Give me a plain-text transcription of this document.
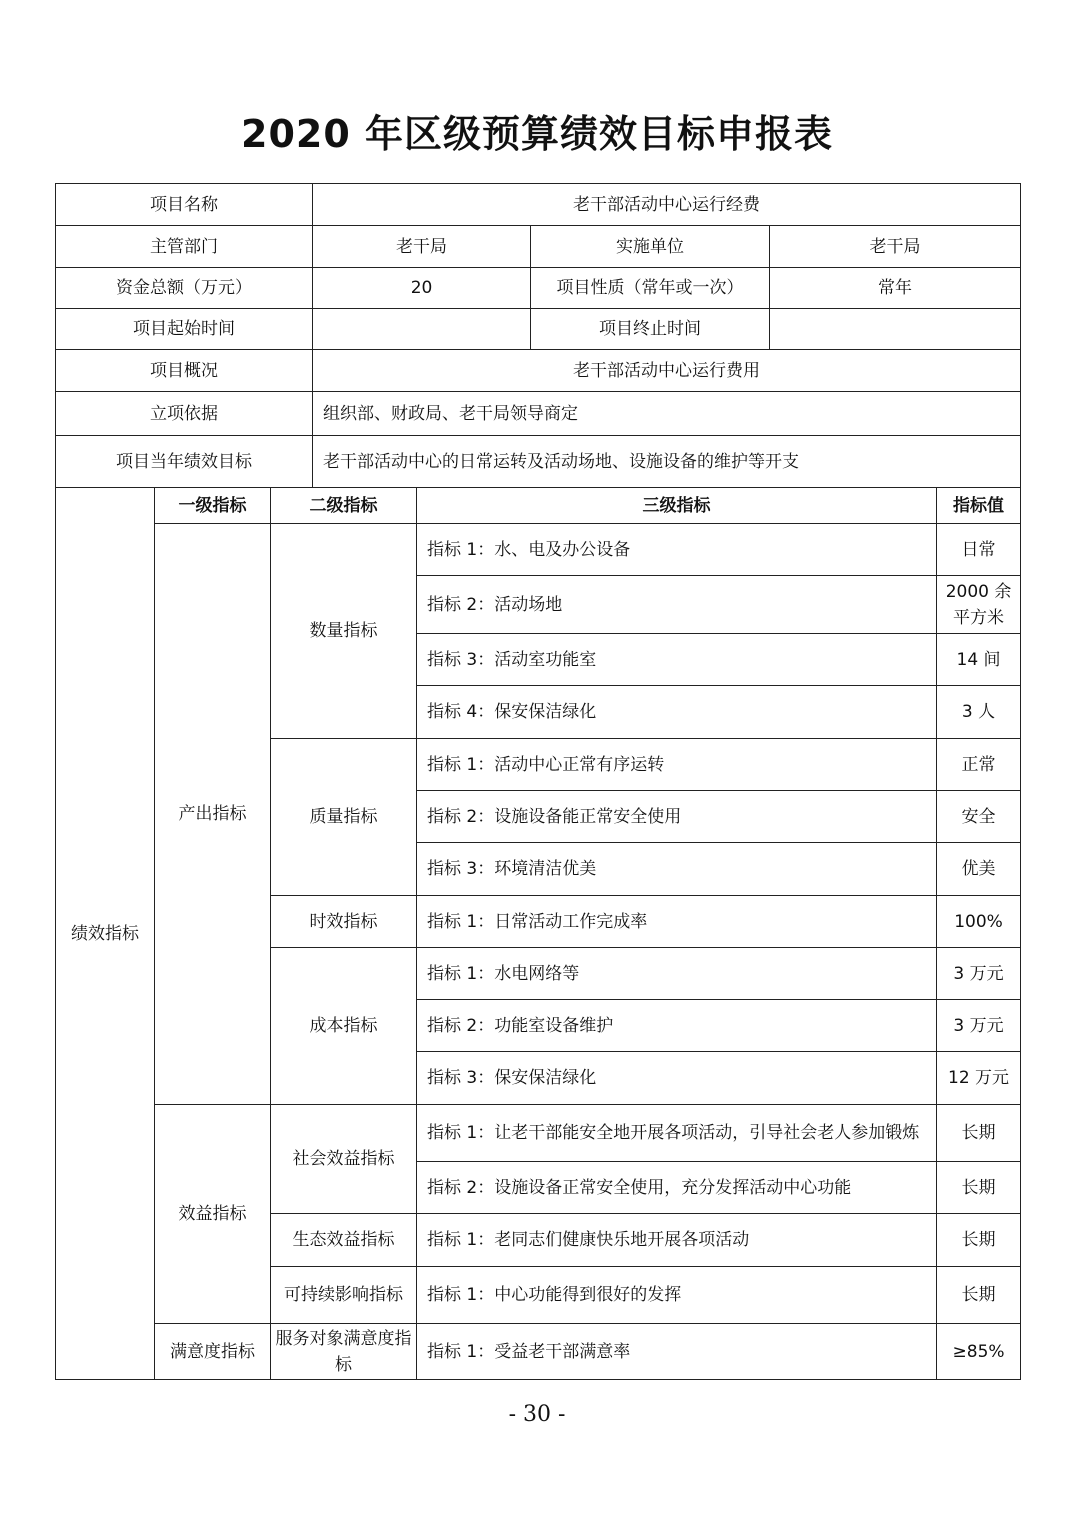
2020 年区级预算绩效目标申报表
项目名称			老干部活动中心运行经费				
主管部门			老干局		实施单位	老干局	
资金总额（万元）			20		项目性质（常年或一次）	常年	
项目起始时间					项目终止时间		
项目概况			老干部活动中心运行费用				
立项依据			组织部、财政局、老干局领导商定				
项目当年绩效目标			老干部活动中心的日常运转及活动场地、设施设备的维护等开支				
绩效指标	一级指标	二级指标		三级指标			指标值
	产出指标	数量指标		指标 1：水、电及办公设备			日常
				指标 2：活动场地			2000 余平方米
				指标 3：活动室功能室			14 间
				指标 4：保安保洁绿化			3 人
		质量指标		指标 1：活动中心正常有序运转			正常
				指标 2：设施设备能正常安全使用			安全
				指标 3：环境清洁优美			优美
		时效指标		指标 1：日常活动工作完成率			100%
		成本指标		指标 1：水电网络等			3 万元
				指标 2：功能室设备维护			3 万元
				指标 3：保安保洁绿化			12 万元
	效益指标	社会效益指标		指标 1：让老干部能安全地开展各项活动，引导社会老人参加锻炼			长期
				指标 2：设施设备正常安全使用，充分发挥活动中心功能			长期
		生态效益指标		指标 1：老同志们健康快乐地开展各项活动			长期
		可持续影响指标		指标 1：中心功能得到很好的发挥			长期
	满意度指标	服务对象满意度指标		指标 1：受益老干部满意率			≥85%
- 30 -
